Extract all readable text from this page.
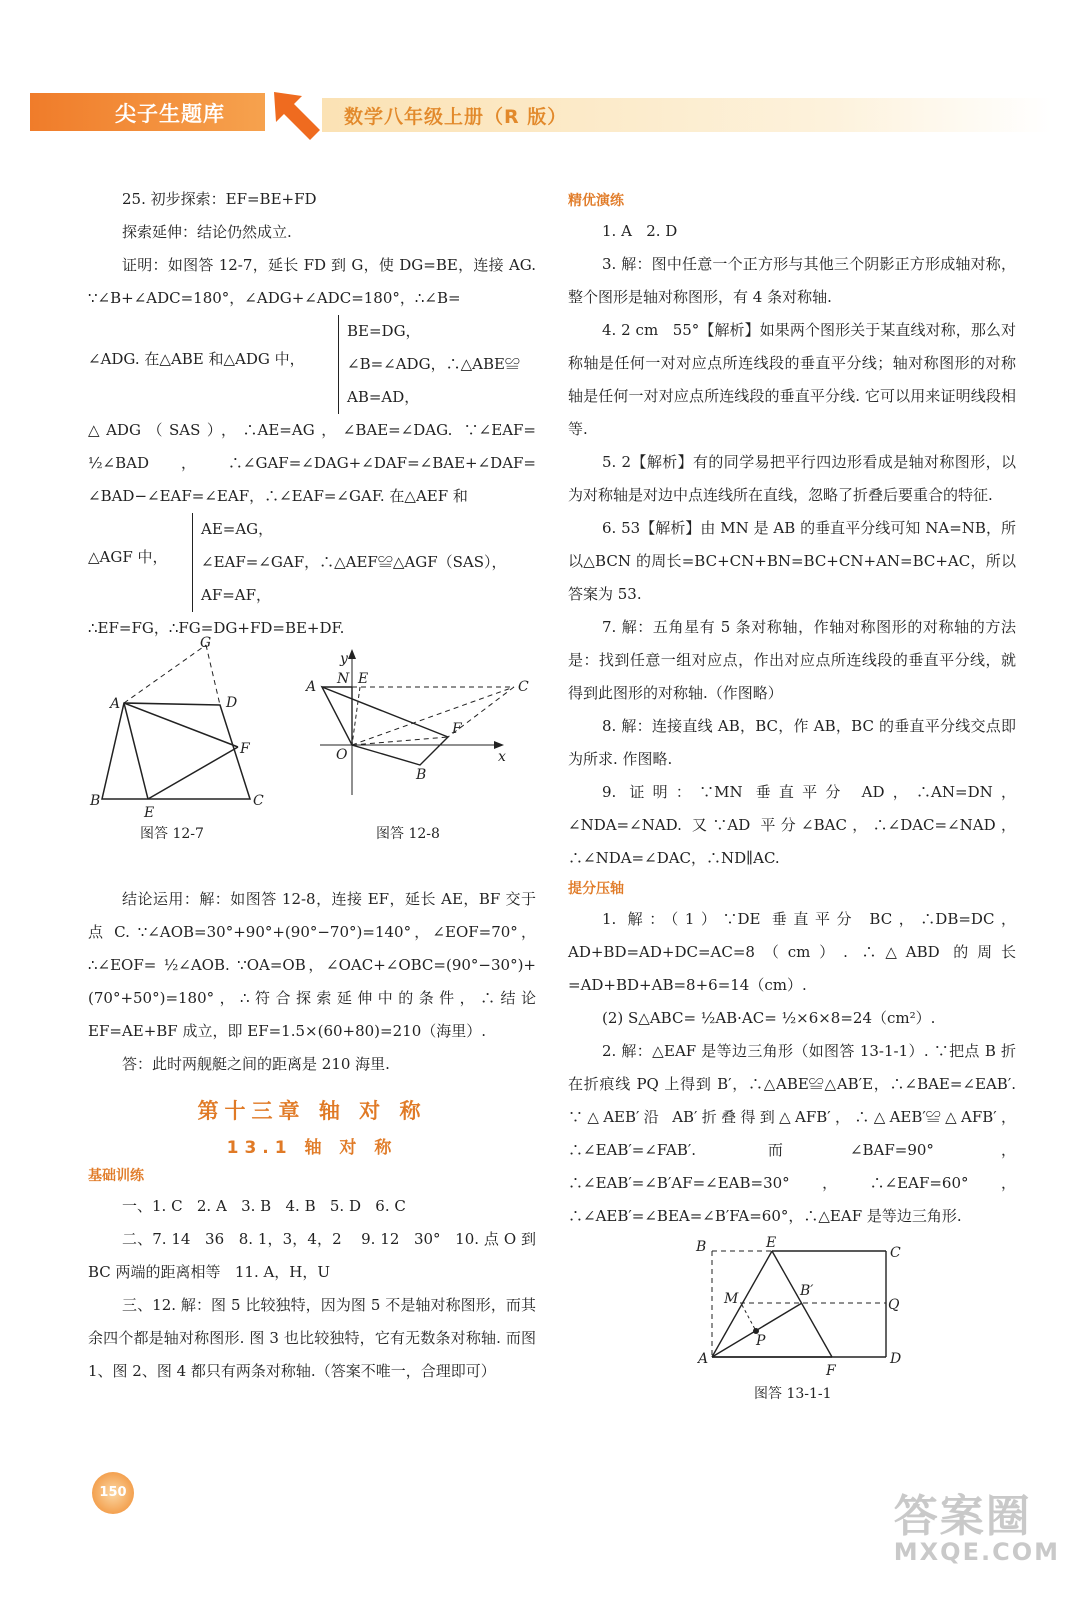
尖子生题库	数学八年级上册（R 版）

25. 初步探索：EF=BE+FD

探索延伸：结论仍然成立.

证明：如图答 12-7，延长 FD 到 G，使 DG=BE，连接 AG. ∵∠B+∠ADC=180°，∠ADG+∠ADC=180°，∴∠B=

∠ADG. 在△ABE 和△ADG 中，

BE=DG，

∠B=∠ADG，∴△ABE≌

AB=AD，

△ADG（SAS），∴AE=AG，∠BAE=∠DAG. ∵∠EAF= ½∠BAD，∴∠GAF=∠DAG+∠DAF=∠BAE+∠DAF= ∠BAD−∠EAF=∠EAF，∴∠EAF=∠GAF. 在△AEF 和

△AGF 中，

AE=AG，

∠EAF=∠GAF，∴△AEF≌△AGF（SAS），

AF=AF，

∴EF=FG，∴FG=DG+FD=BE+DF.

G
A	D
F
B
E
C
图答 12-7
y
A N E	C
F
O
B
x
图答 12-8

结论运用：解：如图答 12-8，连接 EF，延长 AE，BF 交于点 C. ∵∠AOB=30°+90°+(90°−70°)=140°，∠EOF=70°，∴∠EOF= ½∠AOB. ∵OA=OB，∠OAC+∠OBC=(90°−30°)+(70°+50°)=180°，∴符合探索延伸中的条件，∴结论 EF=AE+BF 成立，即 EF=1.5×(60+80)=210（海里）.

答：此时两舰艇之间的距离是 210 海里.

第十三章 轴 对 称
13.1 轴 对 称

基础训练

一、1. C   2. A   3. B   4. B   5. D   6. C

二、7. 14   36   8. 1，3，4，2    9. 12   30°   10. 点 O 到 BC 两端的距离相等   11. A，H，U

三、12. 解：图 5 比较独特，因为图 5 不是轴对称图形，而其余四个都是轴对称图形. 图 3 也比较独特，它有无数条对称轴. 而图 1、图 2、图 4 都只有两条对称轴.（答案不唯一，合理即可）

精优演练

1. A   2. D

3. 解：图中任意一个正方形与其他三个阴影正方形成轴对称，整个图形是轴对称图形，有 4 条对称轴.

4. 2 cm   55°【解析】如果两个图形关于某直线对称，那么对称轴是任何一对对应点所连线段的垂直平分线；轴对称图形的对称轴是任何一对对应点所连线段的垂直平分线. 它可以用来证明线段相等.

5. 2【解析】有的同学易把平行四边形看成是轴对称图形，以为对称轴是对边中点连线所在直线，忽略了折叠后要重合的特征.

6. 53【解析】由 MN 是 AB 的垂直平分线可知 NA=NB，所以△BCN 的周长=BC+CN+BN=BC+CN+AN=BC+AC，所以答案为 53.

7. 解：五角星有 5 条对称轴，作轴对称图形的对称轴的方法是：找到任意一组对应点，作出对应点所连线段的垂直平分线，就得到此图形的对称轴.（作图略）

8. 解：连接直线 AB，BC，作 AB，BC 的垂直平分线交点即为所求. 作图略.

9. 证明：∵MN 垂直平分 AD，∴AN=DN，∠NDA=∠NAD. 又∵AD 平分∠BAC，∴∠DAC=∠NAD，∴∠NDA=∠DAC，∴ND∥AC.

提分压轴

1. 解：（1）∵DE 垂直平分 BC，∴DB=DC，AD+BD=AD+DC=AC=8（cm）. ∴△ABD 的周长=AD+BD+AB=8+6=14（cm）.

(2) S△ABC= ½AB·AC= ½×6×8=24（cm²）.

2. 解：△EAF 是等边三角形（如图答 13-1-1）. ∵把点 B 折在折痕线 PQ 上得到 B′，∴△ABE≌△AB′E，∴∠BAE=∠EAB′. ∵△AEB′沿 AB′折叠得到△AFB′，∴△AEB′≌△AFB′，∴∠EAB′=∠FAB′. 而∠BAF=90°，∴∠EAB′=∠B′AF=∠EAB=30°，∴∠EAF=60°，∴∠AEB′=∠BEA=∠B′FA=60°，∴△EAF 是等边三角形.

B	E
C
M	B′
Q
P
A
F
D
图答 13-1-1
150	答案圈
MXQE.COM
